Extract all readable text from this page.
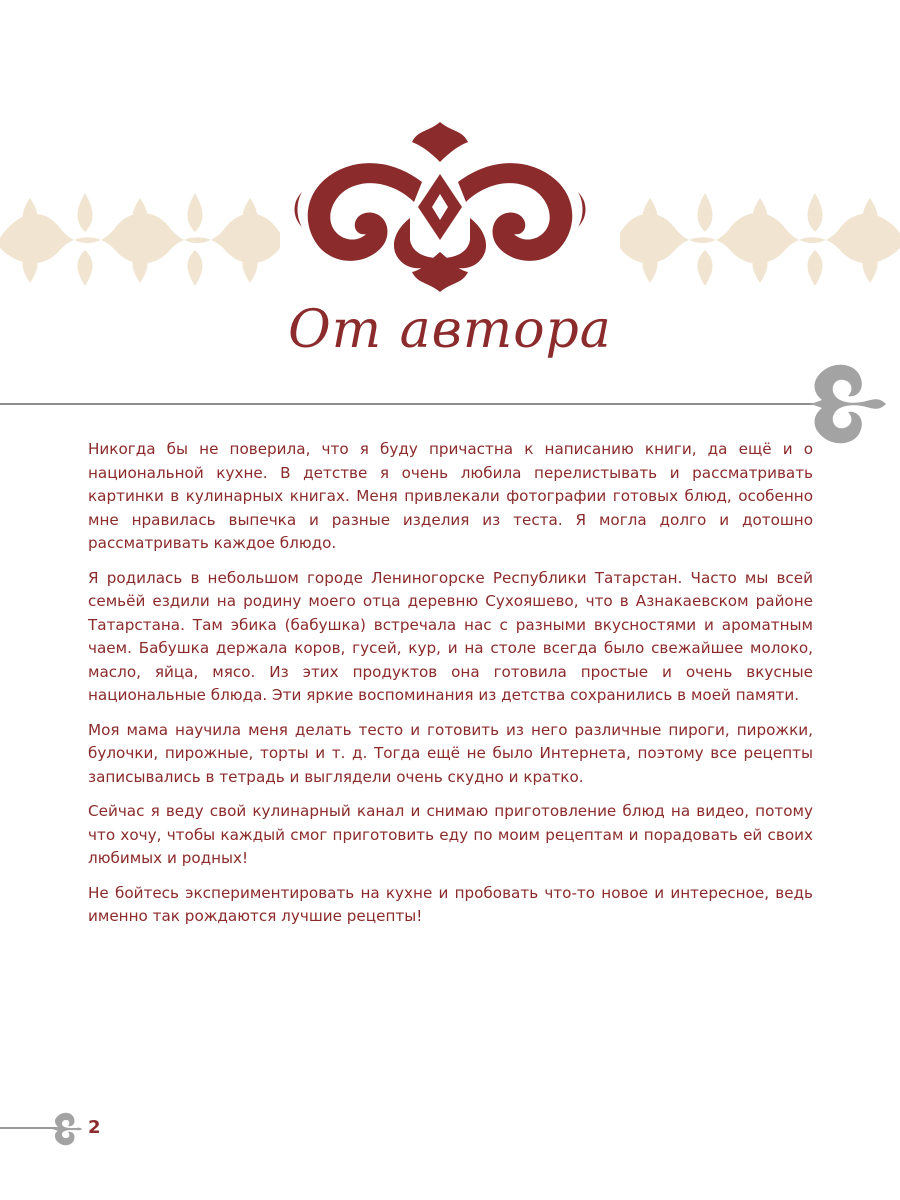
От автора

Никогда бы не поверила, что я буду причастна к написанию книги, да ещё и о национальной кухне. В детстве я очень любила перелистывать и рассматривать картинки в кулинарных книгах. Меня привлекали фотографии готовых блюд, особенно мне нравилась выпечка и разные изделия из теста. Я могла долго и дотошно рассматривать каждое блюдо.

Я родилась в небольшом городе Лениногорске Республики Татарстан. Часто мы всей семьёй ездили на родину моего отца деревню Сухояшево, что в Азнакаевском районе Татарстана. Там эбика (бабушка) встречала нас с разными вкусностями и ароматным чаем. Бабушка держала коров, гусей, кур, и на столе всегда было свежайшее молоко, масло, яйца, мясо. Из этих продуктов она готовила простые и очень вкусные национальные блюда. Эти яркие воспоминания из детства сохранились в моей памяти.

Моя мама научила меня делать тесто и готовить из него различные пироги, пирожки, булочки, пирожные, торты и т. д. Тогда ещё не было Интернета, поэтому все рецепты записывались в тетрадь и выглядели очень скудно и кратко.

Сейчас я веду свой кулинарный канал и снимаю приготовление блюд на видео, потому что хочу, чтобы каждый смог приготовить еду по моим рецептам и порадовать ей своих любимых и родных!

Не бойтесь экспериментировать на кухне и пробовать что-то новое и интересное, ведь именно так рождаются лучшие рецепты!

2
